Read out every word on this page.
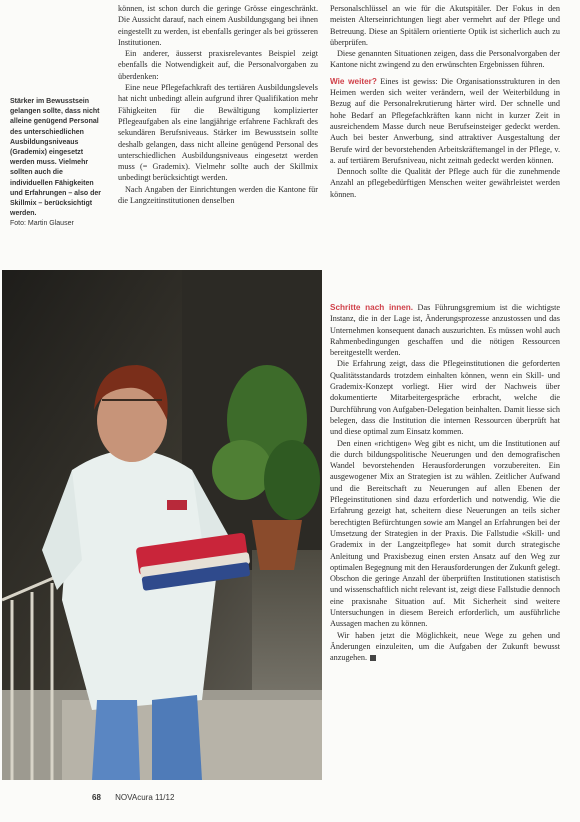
Stärker im Bewusstsein gelangen sollte, dass nicht alleine genügend Personal des unterschiedlichen Ausbildungsniveaus (Grademix) eingesetzt werden muss. Vielmehr sollten auch die individuellen Fähigkeiten und Erfahrungen – also der Skillmix – berücksichtigt werden.
Foto: Martin Glauser

können, ist schon durch die geringe Grösse eingeschränkt. Die Aussicht darauf, nach einem Ausbildungsgang bei ihnen eingestellt zu werden, ist ebenfalls geringer als bei grösseren Institutionen.

Ein anderer, äusserst praxisrelevantes Beispiel zeigt ebenfalls die Notwendigkeit auf, die Personalvorgaben zu überdenken:

Eine neue Pflegefachkraft des tertiären Ausbildungslevels hat nicht unbedingt allein aufgrund ihrer Qualifikation mehr Fähigkeiten für die Bewältigung komplizierter Pflegeaufgaben als eine langjährige erfahrene Fachkraft des sekundären Berufsniveaus. Stärker im Bewusstsein sollte deshalb gelangen, dass nicht alleine genügend Personal des unterschiedlichen Ausbildungsniveaus eingesetzt werden muss (= Grademix). Vielmehr sollte auch der Skillmix unbedingt berücksichtigt werden.

Nach Angaben der Einrichtungen werden die Kantone für die Langzeitinstitutionen denselben

Personalschlüssel an wie für die Akutspitäler. Der Fokus in den meisten Alterseinrichtungen liegt aber vermehrt auf der Pflege und Betreuung. Diese an Spitälern orientierte Optik ist sicherlich auch zu überprüfen.

Diese genannten Situationen zeigen, dass die Personalvorgaben der Kantone nicht zwingend zu den erwünschten Ergebnissen führen.

Wie weiter? Eines ist gewiss: Die Organisationsstrukturen in den Heimen werden sich weiter verändern, weil der Weiterbildung in Bezug auf die Personalrekrutierung härter wird. Der schnelle und hohe Bedarf an Pflegefachkräften kann nicht in kurzer Zeit in ausreichendem Masse durch neue Berufseinsteiger gedeckt werden. Auch bei bester Anwerbung, sind attraktiver Ausgestaltung der Berufe wird der bevorstehenden Arbeitskräftemangel in der Pflege, v. a. auf tertiärem Berufsniveau, nicht zeitnah gedeckt werden können.

Dennoch sollte die Qualität der Pflege auch für die zunehmende Anzahl an pflegebedürftigen Menschen weiter gewährleistet werden können.

Schritte nach innen. Das Führungsgremium ist die wichtigste Instanz, die in der Lage ist, Änderungsprozesse anzustossen und das Unternehmen konsequent danach auszurichten. Es müssen wohl auch Rahmenbedingungen geschaffen und die nötigen Ressourcen bereitgestellt werden.

Die Erfahrung zeigt, dass die Pflegeinstitutionen die geforderten Qualitätsstandards trotzdem einhalten können, wenn ein Skill- und Grademix-Konzept vorliegt. Hier wird der Nachweis über dokumentierte Mitarbeitergespräche erbracht, welche die Durchführung von Aufgaben-Delegation beinhalten. Damit liesse sich belegen, dass die Institution die internen Ressourcen überprüft hat und diese optimal zum Einsatz kommen.

Den einen «richtigen» Weg gibt es nicht, um die Institutionen auf die durch bildungspolitische Neuerungen und den demografischen Wandel bevorstehenden Herausforderungen vorzubereiten. Ein ausgewogener Mix an Strategien ist zu wählen. Zeitlicher Aufwand und die Bereitschaft zu Neuerungen auf allen Ebenen der Pflegeinstitutionen sind dazu erforderlich und notwendig. Wie die Erfahrung gezeigt hat, scheitern diese Neuerungen an teils sicher berechtigten Befürchtungen sowie am Mangel an Erfahrungen bei der Umsetzung der Strategien in der Praxis. Die Fallstudie «Skill- und Grademix in der Langzeitpflege» hat somit durch strategische Anleitung und Praxisbezug einen ersten Ansatz auf den Weg zur optimalen Begegnung mit den Herausforderungen der Zukunft gelegt. Obschon die geringe Anzahl der überprüften Institutionen statistisch und wissenschaftlich nicht relevant ist, zeigt diese Fallstudie dennoch eine praxisnahe Situation auf. Mit Sicherheit sind weitere Untersuchungen in diesem Bereich erforderlich, um ausführliche Aussagen machen zu können.

Wir haben jetzt die Möglichkeit, neue Wege zu gehen und Änderungen einzuleiten, um die Aufgaben der Zukunft bewusst anzugehen.

68 NOVAcura 11/12
